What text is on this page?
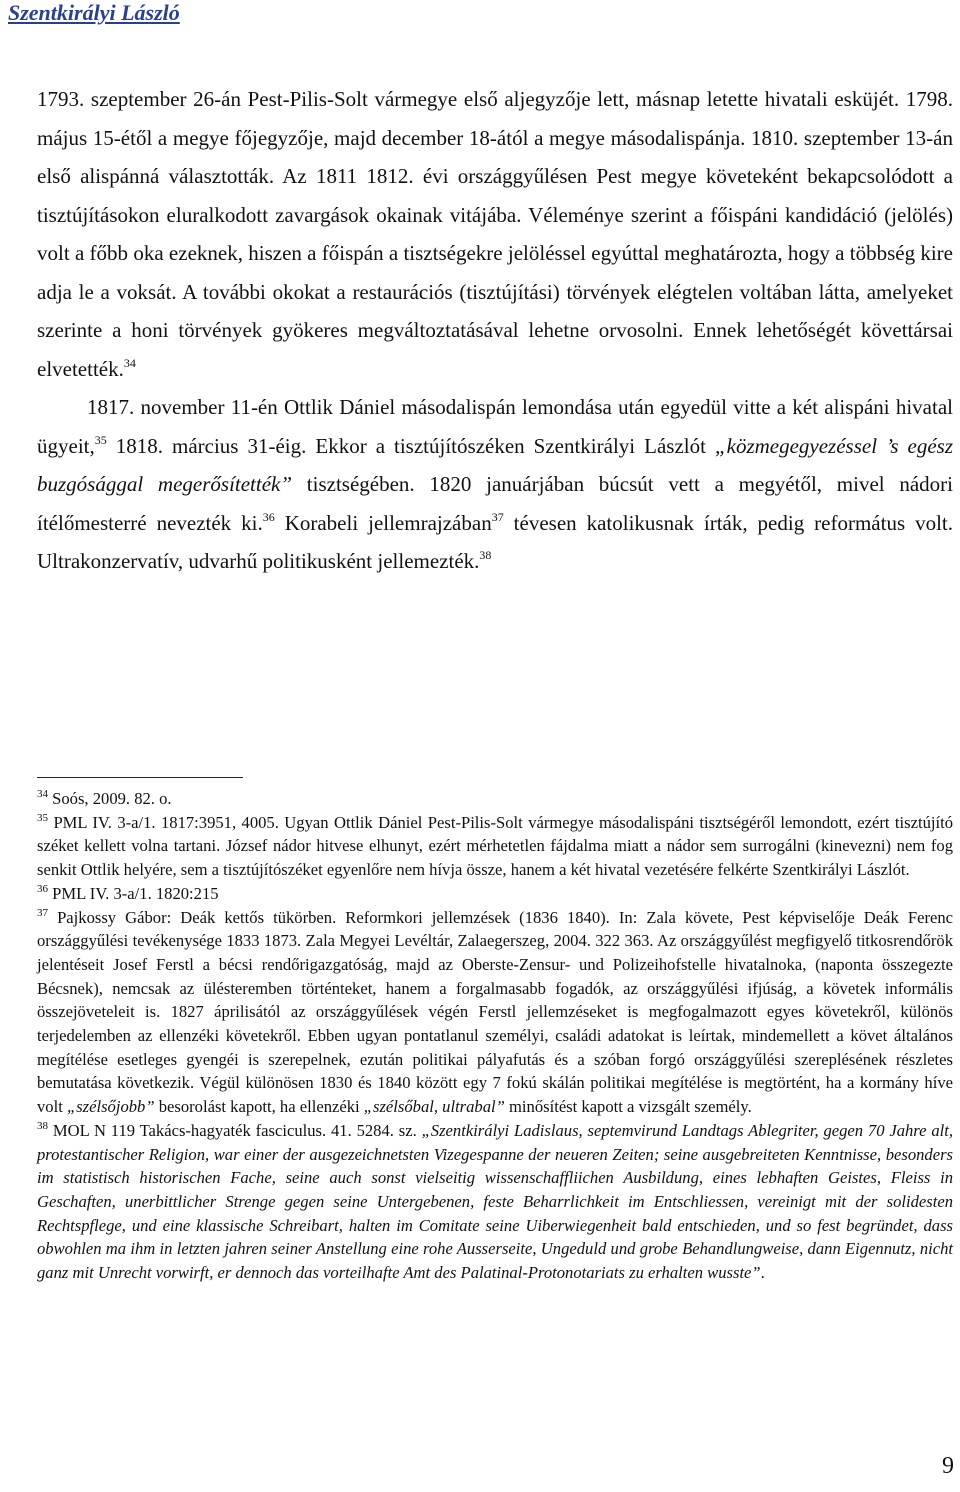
Szentkirályi László

1793. szeptember 26-án Pest-Pilis-Solt vármegye első aljegyzője lett, másnap letette hivatali esküjét. 1798. május 15-étől a megye főjegyzője, majd december 18-ától a megye másodalispánja. 1810. szeptember 13-án első alispánná választották. Az 1811 1812. évi országgyűlésen Pest megye követeként bekapcsolódott a tisztújításokon eluralkodott zavargások okainak vitájába. Véleménye szerint a főispáni kandidáció (jelölés) volt a főbb oka ezeknek, hiszen a főispán a tisztségekre jelöléssel egyúttal meghatározta, hogy a többség kire adja le a voksát. A további okokat a restaurációs (tisztújítási) törvények elégtelen voltában látta, amelyeket szerinte a honi törvények gyökeres megváltoztatásával lehetne orvosolni. Ennek lehetőségét követtársai elvetették.$^{34}$

1817. november 11-én Ottlik Dániel másodalispán lemondása után egyedül vitte a két alispáni hivatal ügyeit,$^{35}$ 1818. március 31-éig. Ekkor a tisztújítószéken Szentkirályi Lászlót „közmegegyezéssel ’s egész buzgósággal megerősítették” tisztségében. 1820 januárjában búcsút vett a megyétől, mivel nádori ítélőmesterré nevezték ki.$^{36}$ Korabeli jellemrajzában$^{37}$ tévesen katolikusnak írták, pedig református volt. Ultrakonzervatív, udvarhű politikusként jellemezték.$^{38}$

$^{34}$ Soós, 2009. 82. o.

$^{35}$ PML IV. 3-a/1. 1817:3951, 4005. Ugyan Ottlik Dániel Pest-Pilis-Solt vármegye másodalispáni tisztségéről lemondott, ezért tisztújító széket kellett volna tartani. József nádor hitvese elhunyt, ezért mérhetetlen fájdalma miatt a nádor sem surrogálni (kinevezni) nem fog senkit Ottlik helyére, sem a tisztújítószéket egyenlőre nem hívja össze, hanem a két hivatal vezetésére felkérte Szentkirályi Lászlót.

$^{36}$ PML IV. 3-a/1. 1820:215

$^{37}$ Pajkossy Gábor: Deák kettős tükörben. Reformkori jellemzések (1836 1840). In: Zala követe, Pest képviselője Deák Ferenc országgyűlési tevékenysége 1833 1873. Zala Megyei Levéltár, Zalaegerszeg, 2004. 322 363. Az országgyűlést megfigyelő titkosrendőrök jelentéseit Josef Ferstl a bécsi rendőrigazgatóság, majd az Oberste-Zensur- und Polizeihofstelle hivatalnoka, (naponta összegezte Bécsnek), nemcsak az ülésteremben történteket, hanem a forgalmasabb fogadók, az országgyűlési ifjúság, a követek informális összejöveteleit is. 1827 áprilisától az országgyűlések végén Ferstl jellemzéseket is megfogalmazott egyes követekről, különös terjedelemben az ellenzéki követekről. Ebben ugyan pontatlanul személyi, családi adatokat is leírtak, mindemellett a követ általános megítélése esetleges gyengéi is szerepelnek, ezután politikai pályafutás és a szóban forgó országgyűlési szereplésének részletes bemutatása következik. Végül különösen 1830 és 1840 között egy 7 fokú skálán politikai megítélése is megtörtént, ha a kormány híve volt „szélsőjobb” besorolást kapott, ha ellenzéki „szélsőbal, ultrabal” minősítést kapott a vizsgált személy.

$^{38}$ MOL N 119 Takács-hagyaték fasciculus. 41. 5284. sz. „Szentkirályi Ladislaus, septemvirund Landtags Ablegriter, gegen 70 Jahre alt, protestantischer Religion, war einer der ausgezeichnetsten Vizegespanne der neueren Zeiten; seine ausgebreiteten Kenntnisse, besonders im statistisch historischen Fache, seine auch sonst vielseitig wissenschaffliichen Ausbildung, eines lebhaften Geistes, Fleiss in Geschaften, unerbittlicher Strenge gegen seine Untergebenen, feste Beharrlichkeit im Entschliessen, vereinigt mit der solidesten Rechtspflege, und eine klassische Schreibart, halten im Comitate seine Uiberwiegenheit bald entschieden, und so fest begründet, dass obwohlen ma ihm in letzten jahren seiner Anstellung eine rohe Ausserseite, Ungeduld und grobe Behandlungweise, dann Eigennutz, nicht ganz mit Unrecht vorwirft, er dennoch das vorteilhafte Amt des Palatinal-Protonotariats zu erhalten wusste”.

9
